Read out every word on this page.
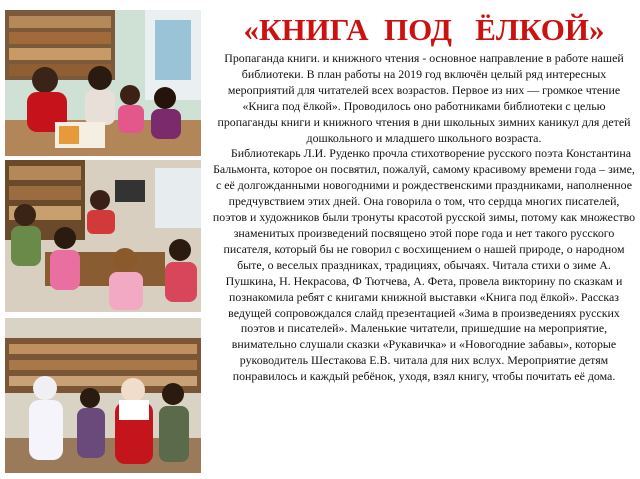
«КНИГА  ПОД   ЁЛКОЙ»

Пропаганда книги. и книжного чтения - основное направление в работе нашей библиотеки. В план работы на 2019 год включён целый ряд интересных мероприятий для читателей всех возрастов. Первое из них — громкое чтение «Книга под ёлкой». Проводилось оно работниками библиотеки с целью пропаганды книги и книжного чтения в дни школьных зимних каникул для детей дошкольного и младшего школьного возраста.

Библиотекарь Л.И. Руденко прочла стихотворение русского поэта Константина Бальмонта, которое он посвятил, пожалуй, самому красивому времени года – зиме, с её долгожданными новогодними и рождественскими праздниками, наполненное предчувствием этих дней. Она говорила о том, что сердца многих писателей, поэтов и художников были тронуты красотой русской зимы, потому как множество знаменитых произведений посвящено этой поре года и нет такого русского писателя, который бы не говорил с восхищением о нашей природе, о народном быте, о веселых праздниках, традициях, обычаях. Читала стихи о зиме А. Пушкина, Н. Некрасова, Ф Тютчева, А. Фета, провела викторину по сказкам и познакомила ребят с книгами книжной выставки «Книга под ёлкой». Рассказ ведущей сопровождался слайд презентацией «Зима в произведениях русских поэтов и писателей». Маленькие читатели, пришедшие на мероприятие, внимательно слушали сказки «Рукавичка» и «Новогодние забавы», которые руководитель Шестакова Е.В. читала для них вслух. Мероприятие детям понравилось и каждый ребёнок, уходя, взял книгу, чтобы почитать её дома.
